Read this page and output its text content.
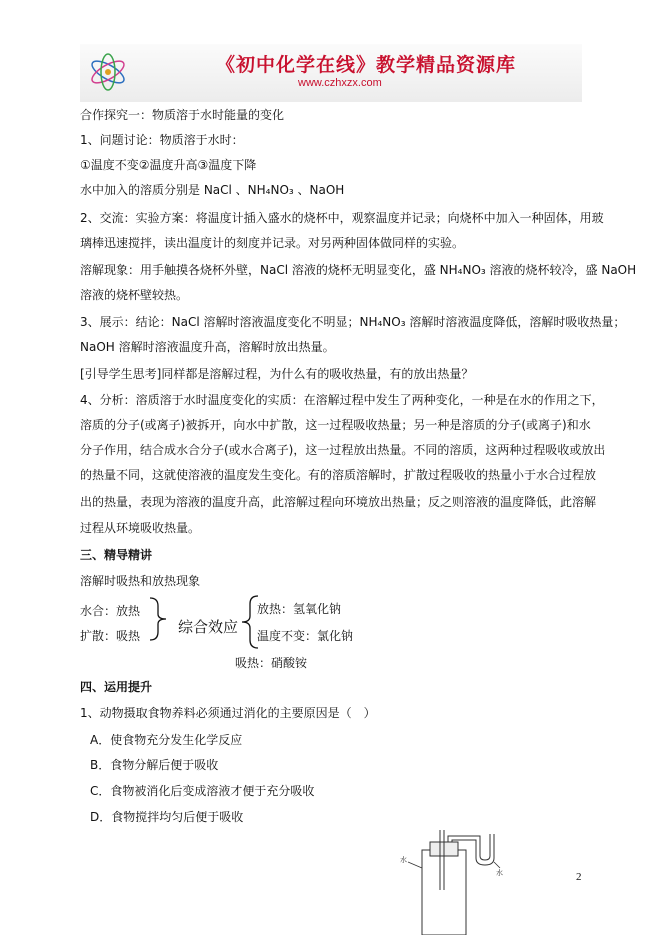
《初中化学在线》教学精品资源库
www.czhxzx.com
合作探究一：物质溶于水时能量的变化
1、问题讨论：物质溶于水时：
①温度不变②温度升高③温度下降
水中加入的溶质分别是 NaCl 、NH₄NO₃ 、NaOH
2、交流：实验方案：将温度计插入盛水的烧杯中，观察温度并记录；向烧杯中加入一种固体，用玻
璃棒迅速搅拌，读出温度计的刻度并记录。对另两种固体做同样的实验。
溶解现象：用手触摸各烧杯外壁，NaCl 溶液的烧杯无明显变化，盛 NH₄NO₃ 溶液的烧杯较冷，盛 NaOH
溶液的烧杯壁较热。
3、展示：结论：NaCl 溶解时溶液温度变化不明显；NH₄NO₃ 溶解时溶液温度降低，溶解时吸收热量；
NaOH 溶解时溶液温度升高，溶解时放出热量。
[引导学生思考]同样都是溶解过程，为什么有的吸收热量，有的放出热量？
4、分析：溶质溶于水时温度变化的实质：在溶解过程中发生了两种变化，一种是在水的作用之下，
溶质的分子(或离子)被拆开，向水中扩散，这一过程吸收热量；另一种是溶质的分子(或离子)和水
分子作用，结合成水合分子(或水合离子)，这一过程放出热量。不同的溶质，这两种过程吸收或放出
的热量不同，这就使溶液的温度发生变化。有的溶质溶解时，扩散过程吸收的热量小于水合过程放
出的热量，表现为溶液的温度升高，此溶解过程向环境放出热量；反之则溶液的温度降低，此溶解
过程从环境吸收热量。
三、精导精讲
溶解时吸热和放热现象
水合：放热
扩散：吸热	综合效应
放热：氢氧化钠
温度不变：氯化钠
吸热：硝酸铵
四、运用提升
1、动物摄取食物养料必须通过消化的主要原因是（　）
A．使食物充分发生化学反应
B．食物分解后便于吸收
C．食物被消化后变成溶液才便于充分吸收
D．食物搅拌均匀后便于吸收
水
水	2
